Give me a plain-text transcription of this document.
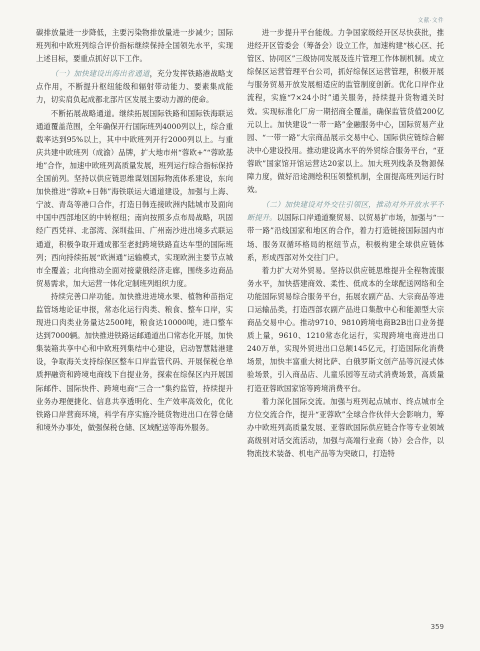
文献·文件

碳排放量进一步降低，主要污染物排放量进一步减少；国际班列和中欧班列综合评价指标继续保持全国领先水平，实现上述目标，要重点抓好以下工作。

（一）加快建设出海出省通道，充分发挥铁路港战略支点作用，不断提升枢纽能级和辐射带动能力、要素集成能力，切实肩负起成都北部片区发展主要动力源的使命。

不断拓展战略通道。继续拓展国际铁路和国际铁海联运通道覆盖范围，全年确保开行国际班列4000列以上，综合重载率达到95%以上，其中中欧班列开行2000列以上。与重庆共建中欧班列（成渝）品牌，扩大地市州“蓉欧+”“蓉欧基地”合作，加速中欧班列高质量发展，班列运行综合指标保持全国前列。坚持以供应链思维谋划国际物流体系建设，东向加快推进“蓉欧+日韩”海铁联运大通道建设，加强与上海、宁波、青岛等港口合作，打造日韩连接欧洲内陆城市及面向中国中西部地区的中转枢纽；南向按照多点布局战略，巩固经广西凭祥、北部湾、深圳盐田、广州南沙进出境多式联运通道，积极争取开通成都至老挝跨境铁路直达车型的国际班列；西向持续拓展“欧洲通”运输模式，实现欧洲主要节点城市全覆盖；北向推动全面对接蒙俄经济走廊，围绕多边商品贸易需求，加大运营一体化定制班列组织力度。

持续完善口岸功能。加快推进进境水果、植物种苗指定监管场地论证申报，常态化运行肉类、粮食、整车口岸，实现进口肉类业务量达2500吨，粮食达10000吨，进口整车达到7000辆。加快推进铁路运邮通道出口常态化开展，加快集装箱共享中心和中欧班列集结中心建设，启动智慧陆港建设，争取海关支持综保区整车口岸监管代码、开展保税仓单质押融资和跨境电商线下自提业务，探索在综保区内开展国际邮件、国际快件、跨境电商“三合一”集约监管，持续提升业务办理便捷化、信息共享透明化、生产效率高效化，优化铁路口岸营商环境，科学有序实施冷链货物进出口在蓉仓储和境外办事处，做强保税仓储、区域配送等海外服务。

进一步提升平台能级。力争国家级经开区尽快获批，推进经开区管委会（筹备会）设立工作，加速构建“核心区、托管区、协同区”三级协同发展及连片管理工作体制机制。成立综保区运营管理平台公司，抓好综保区运营管理，积极开展与服务贸易开放发展相适应的监管制度创新。优化口岸作业流程，实施“7×24小时”通关服务，持续提升货物通关时效。实现标准化厂房一期招商全覆盖，确保监管货值200亿元以上。加快建设“一带一路”金融服务中心，国际贸易产业园、“一带一路”大宗商品展示交易中心、国际供应链综合解决中心建设投用。推动建设离水平的外贸综合服务平台，“亚蓉欧”国家馆开馆运营达20家以上。加大班列线条及物源保障力度，做好沿途测绘积压领整机制，全面提高班列运行时效。

（二）加快建设对外交往引领区，推动对外开放水平不断提升。以国际口岸通道聚贸易、以贸易扩市场，加强与“一带一路”沿线国家和地区的合作，着力打造链接国际国内市场、服务双循环格局的枢纽节点，积极构建全球供应链体系，形成西部对外交往门户。

着力扩大对外贸易。坚持以供应链思维提升全程物流服务水平，加快搭建商效、柔性、低成本的全球配送网络和全功能国际贸易综合服务平台，拓展农副产品、大宗商品等进口运输品类，打造西部农副产品进口集散中心和能源型大宗商品交易中心。推动9710、9810跨境电商B2B出口业务提质上量，9610、1210常态化运行，实现跨境电商进出口240万单，实现外贸进出口总额145亿元，打造国际化消费场景，加快丰富重大树比萨、白俄罗斯文创产品等沉浸式体验场景，引入商品店、儿童乐园等互动式消费场景，高质量打造亚蓉欧国家馆等跨境消费平台。

着力深化国际交流。加强与班列起点城市、终点城市全方位交流合作，提升“亚蓉欧”全球合作伙伴大会影响力，筹办中欧班列高质量发展、亚蓉欧国际供应链合作等专业领域高级别对话交流活动，加强与高端行业商（协）会合作，以物流技术装备、机电产品等为突破口，打造特

359
